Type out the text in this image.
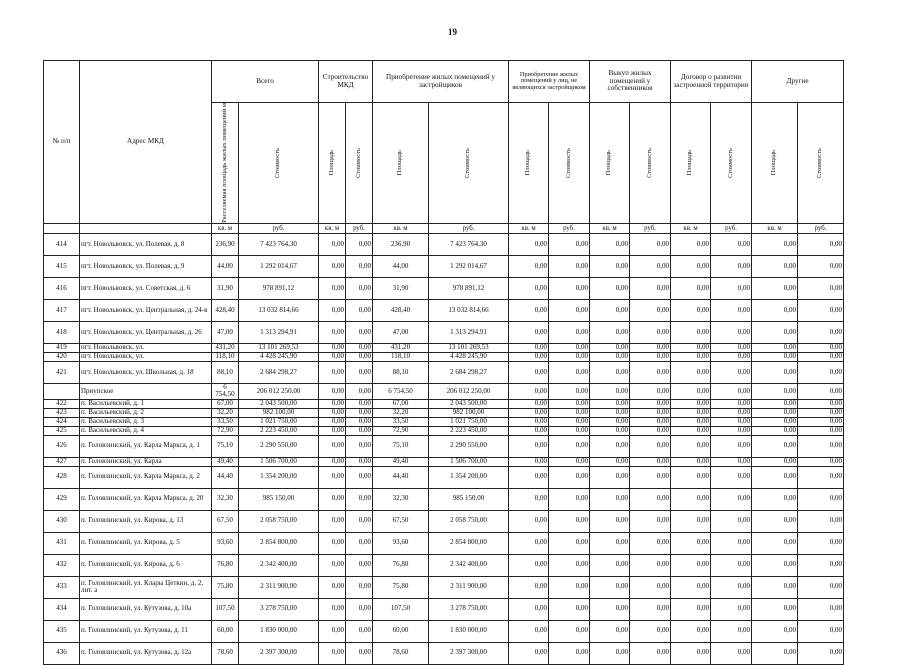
19
№ п/п	Адрес МКД	Всего		Строительство МКД		Приобретение жилых помещений у застройщиков		Приобретение жилых помещений у лиц, не являющихся застройщиком		Выкуп жилых помещений у собственников		Договор о развитии застроенной территории		Другие	

		Расселяемая площадь жилых помещений м	Стоимость	Площадь	Стоимость	Площадь	Стоимость	Площадь	Стоимость	Площадь	Стоимость	Площадь	Стоимость	Площадь	Стоимость

		кв. м	руб.	кв. м	руб.	кв. м	руб.	кв. м	руб.	кв. м	руб.	кв. м	руб.	кв. м	руб.
414	пгт. Новольвовск, ул. Полевая, д. 8	236,90	7 423 764,30	0,00	0,00	236,90	7 423 764,30	0,00	0,00	0,00	0,00	0,00	0,00	0,00	0,00
415	пгт. Новольвовск, ул. Полевая, д. 9	44,00	1 292 014,67	0,00	0,00	44,00	1 292 014,67	0,00	0,00	0,00	0,00	0,00	0,00	0,00	0,00
416	пгт. Новольвовск, ул. Советская, д. 6	31,90	978 891,12	0,00	0,00	31,90	978 891,12	0,00	0,00	0,00	0,00	0,00	0,00	0,00	0,00
417	пгт. Новольвовск, ул. Центральная, д. 24-в	428,40	13 032 814,66	0,00	0,00	428,40	13 032 814,66	0,00	0,00	0,00	0,00	0,00	0,00	0,00	0,00
418	пгт. Новольвовск, ул. Центральная, д. 26	47,00	1 313 294,91	0,00	0,00	47,00	1 313 294,91	0,00	0,00	0,00	0,00	0,00	0,00	0,00	0,00
419	пгт. Новольвовск, ул.	431,20	13 101 269,53	0,00	0,00	431,20	13 101 269,53	0,00	0,00	0,00	0,00	0,00	0,00	0,00	0,00
420	пгт. Новольвовск, ул.	118,10	4 428 245,90	0,00	0,00	118,10	4 428 245,90	0,00	0,00	0,00	0,00	0,00	0,00	0,00	0,00
421	пгт. Новольвовск, ул. Школьная, д. 18	88,10	2 684 298,27	0,00	0,00	88,10	2 684 298,27	0,00	0,00	0,00	0,00	0,00	0,00	0,00	0,00
	Приупское	6 754,50	206 012 250,00	0,00	0,00	6 754,50	206 012 250,00	0,00	0,00	0,00	0,00	0,00	0,00	0,00	0,00
422	п. Васильевский, д. 1	67,00	2 043 500,00	0,00	0,00	67,00	2 043 500,00	0,00	0,00	0,00	0,00	0,00	0,00	0,00	0,00
423	п. Васильевский, д. 2	32,20	982 100,00	0,00	0,00	32,20	982 100,00	0,00	0,00	0,00	0,00	0,00	0,00	0,00	0,00
424	п. Васильевский, д. 3	33,50	1 021 750,00	0,00	0,00	33,50	1 021 750,00	0,00	0,00	0,00	0,00	0,00	0,00	0,00	0,00
425	п. Васильевский, д. 4	72,90	2 223 450,00	0,00	0,00	72,90	2 223 450,00	0,00	0,00	0,00	0,00	0,00	0,00	0,00	0,00
426	п. Головлинский, ул. Карла Маркса, д. 1	75,10	2 290 550,00	0,00	0,00	75,10	2 290 550,00	0,00	0,00	0,00	0,00	0,00	0,00	0,00	0,00
427	п. Головлинский, ул. Карла	49,40	1 506 700,00	0,00	0,00	49,40	1 506 700,00	0,00	0,00	0,00	0,00	0,00	0,00	0,00	0,00
428	п. Головлинский, ул. Карла Маркса, д. 2	44,40	1 354 200,00	0,00	0,00	44,40	1 354 200,00	0,00	0,00	0,00	0,00	0,00	0,00	0,00	0,00
429	п. Головлинский, ул. Карла Маркса, д. 20	32,30	985 150,00	0,00	0,00	32,30	985 150,00	0,00	0,00	0,00	0,00	0,00	0,00	0,00	0,00
430	п. Головлинский, ул. Кирова, д. 13	67,50	2 058 750,00	0,00	0,00	67,50	2 058 750,00	0,00	0,00	0,00	0,00	0,00	0,00	0,00	0,00
431	п. Головлинский, ул. Кирова, д. 5	93,60	2 854 800,00	0,00	0,00	93,60	2 854 800,00	0,00	0,00	0,00	0,00	0,00	0,00	0,00	0,00
432	п. Головлинский, ул. Кирова, д. 6	76,80	2 342 400,00	0,00	0,00	76,80	2 342 400,00	0,00	0,00	0,00	0,00	0,00	0,00	0,00	0,00
433	п. Головлинский, ул. Клары Цеткин, д. 2, лит. а	75,80	2 311 900,00	0,00	0,00	75,80	2 311 900,00	0,00	0,00	0,00	0,00	0,00	0,00	0,00	0,00
434	п. Головлинский, ул. Кутузова, д. 10а	107,50	3 278 750,00	0,00	0,00	107,50	3 278 750,00	0,00	0,00	0,00	0,00	0,00	0,00	0,00	0,00
435	п. Головлинский, ул. Кутузова, д. 11	60,00	1 830 000,00	0,00	0,00	60,00	1 830 000,00	0,00	0,00	0,00	0,00	0,00	0,00	0,00	0,00
436	п. Головлинский, ул. Кутузова, д. 12а	78,60	2 397 300,00	0,00	0,00	78,60	2 397 300,00	0,00	0,00	0,00	0,00	0,00	0,00	0,00	0,00
